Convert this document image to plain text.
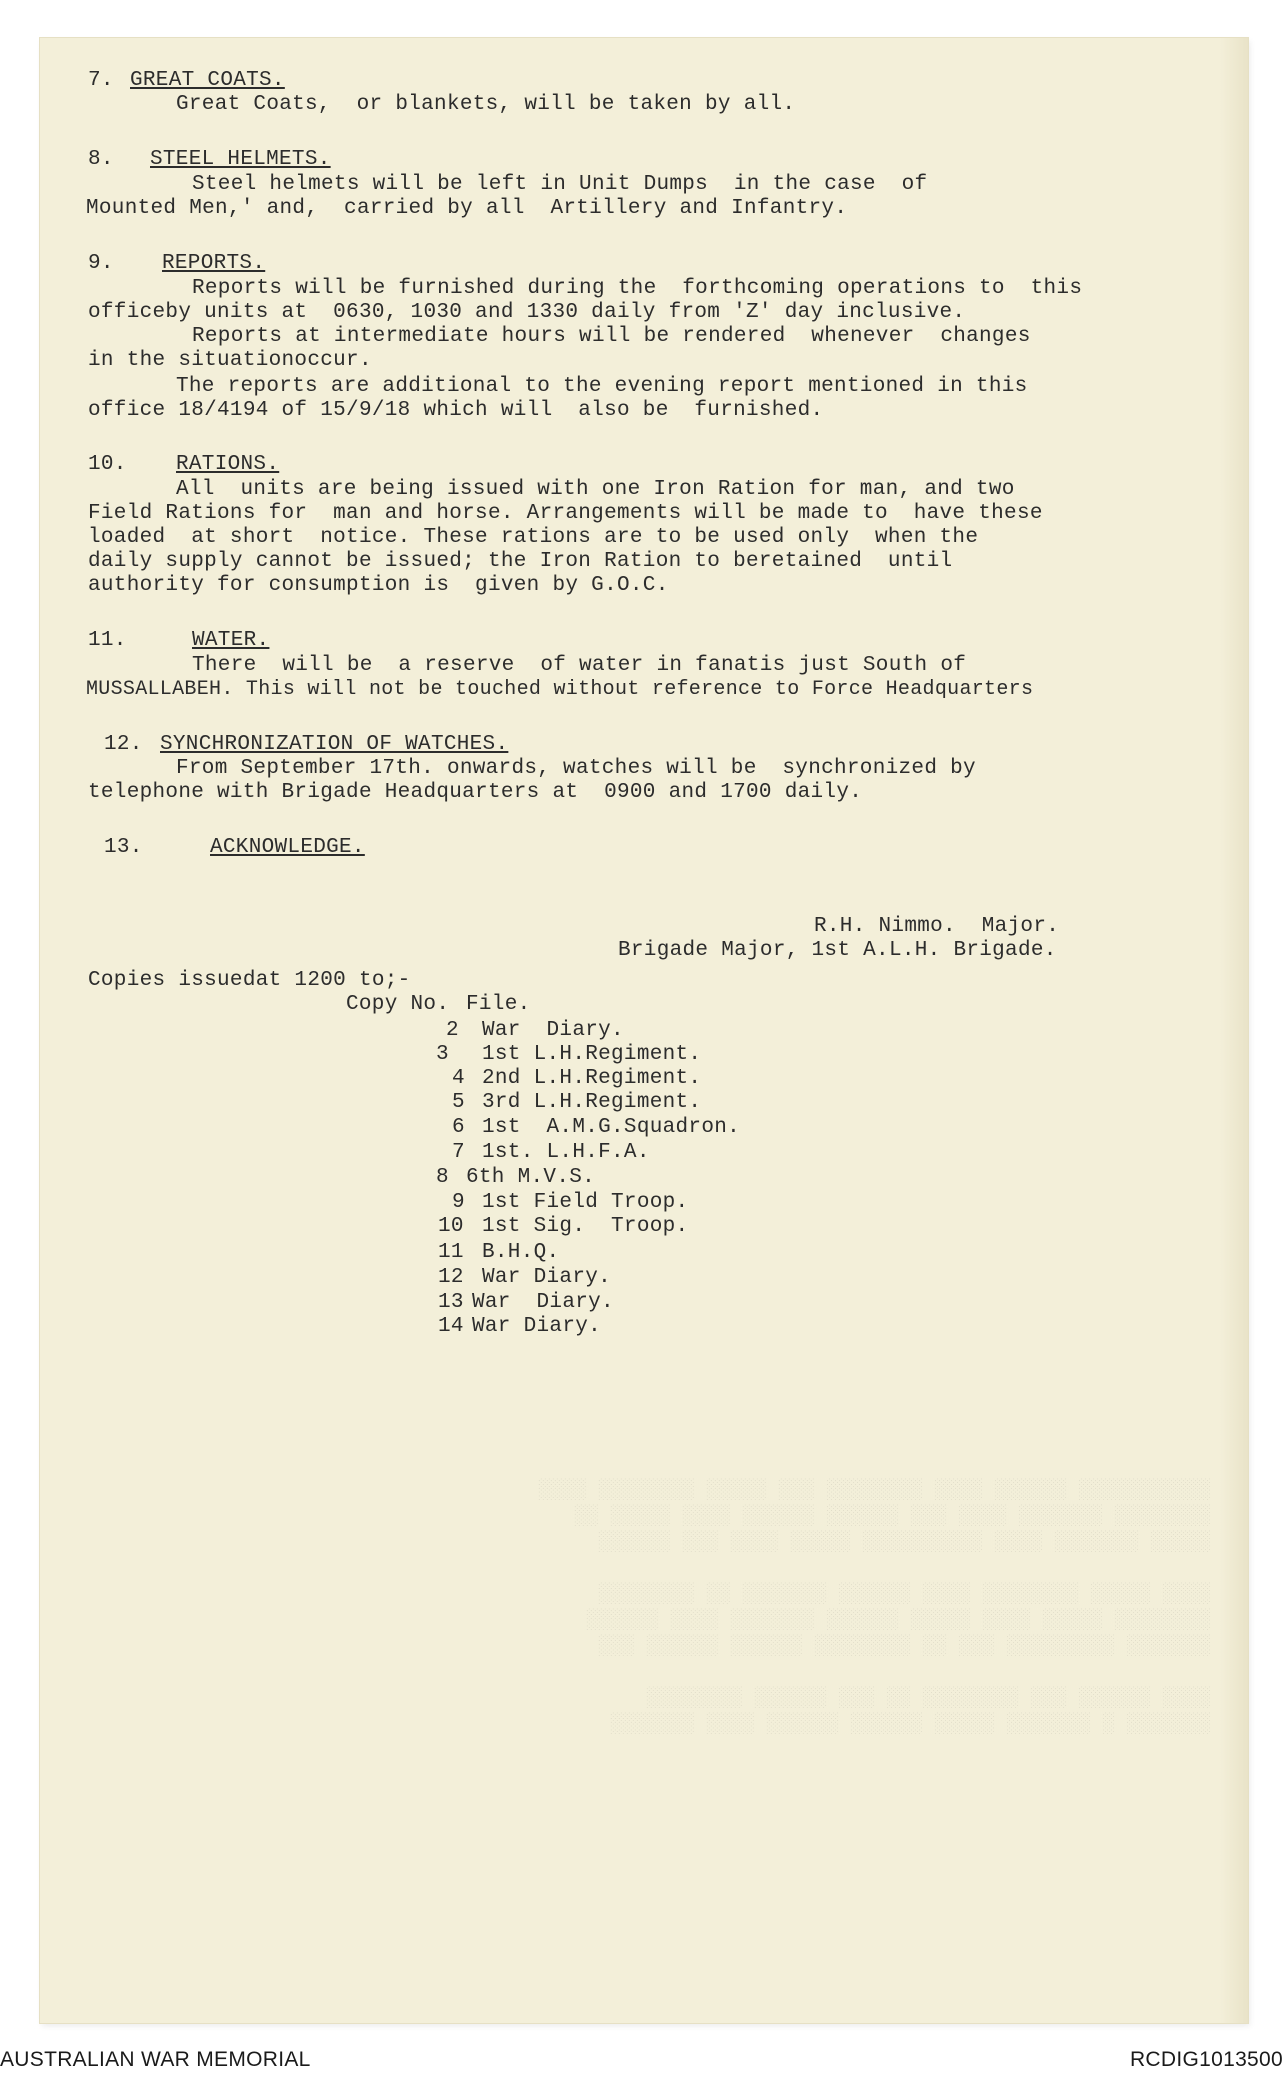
░░░░░░░░░░░ ░░░░░░ ░░░░ ░░░░░░░░ ░░░ ░░░░░ ░░░░░░░░ ░░░░
░░░░░░░░ ░░░░░░░ ░░░░ ░░░ ░░░░░░ ░░░░░░ ░░░░ ░░░░░ ░░
░░░░░ ░░░░░░░ ░░░░ ░░░░░░░░░░ ░░░░░ ░░░░ ░░░ ░░░░░░

░░░░ ░░░░░ ░░░░░░░░ ░░░░ ░░░░░░ ░░░░░░░ ░░ ░░░░░░░░
░░░░░░░░ ░░░░░ ░░░░ ░░░░░ ░░░░░░ ░░░░░░░ ░░░░ ░░░░░░
░░░░░░░ ░░░░░░░░░ ░░░ ░░ ░░░░░░░░ ░░░░░░ ░░░░░░ ░░░

░░░░ ░░░░░░ ░░░ ░░░░░░░░ ░░ ░░░ ░░░░░░ ░░░░░░░░
░░░░░░░ ░ ░░░░░░░ ░░░░░ ░░░░░░ ░░░░░░ ░░░░ ░░░░░░░

7. GREAT COATS.
Great Coats,  or blankets, will be taken by all.
8. STEEL HELMETS.
Steel helmets will be left in Unit Dumps  in the case  of
Mounted Men,' and,  carried by all  Artillery and Infantry.
9. REPORTS.
Reports will be furnished during the  forthcoming operations to  this
officeby units at  0630, 1030 and 1330 daily from 'Z' day inclusive.
Reports at intermediate hours will be rendered  whenever  changes
in the situationoccur.
The reports are additional to the evening report mentioned in this
office 18/4194 of 15/9/18 which will  also be  furnished.
10. RATIONS.
All  units are being issued with one Iron Ration for man, and two
Field Rations for  man and horse. Arrangements will be made to  have these
loaded  at short  notice. These rations are to be used only  when the
daily supply cannot be issued; the Iron Ration to beretained  until
authority for consumption is  given by G.O.C.
11.	WATER.
There  will be  a reserve  of water in fanatis just South of
MUSSALLABEH. This will not be touched without reference to Force Headquarters
12. SYNCHRONIZATION OF WATCHES.
From September 17th. onwards, watches will be  synchronized by
telephone with Brigade Headquarters at  0900 and 1700 daily.
13.	ACKNOWLEDGE.
R.H. Nimmo.  Major.
Brigade Major, 1st A.L.H. Brigade.
Copies issuedat 1200 to;-
Copy No. File.
2 War  Diary.
3 1st L.H.Regiment.
4 2nd L.H.Regiment.
5 3rd L.H.Regiment.
6 1st  A.M.G.Squadron.
7 1st. L.H.F.A.
8 6th M.V.S.
9 1st Field Troop.
10 1st Sig.  Troop.
11 B.H.Q.
12 War Diary.
13 War  Diary.
14 War Diary.
AUSTRALIAN WAR MEMORIAL	RCDIG1013500
